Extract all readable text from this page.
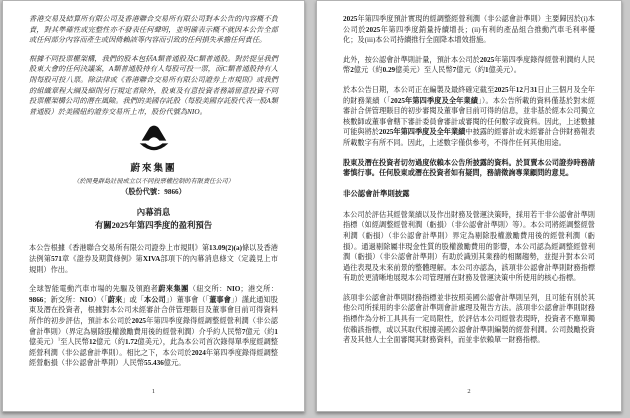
香港交易及結算所有限公司及香港聯合交易所有限公司對本公告的內容概不負責，對其準確性或完整性亦不發表任何聲明，並明確表示概不就因本公告全部或任何部分內容而產生或因倚賴該等內容而引致的任何損失承擔任何責任。

根據不同投票權架構，我們的股本包括A類普通股及C類普通股。對於提呈我們股東大會的任何決議案，A類普通股持有人每股可投一票，而C類普通股持有人則每股可投八票。除法律或《香港聯合交易所有限公司證券上市規則》或我們的組織章程大綱及細則另行規定者除外，股東及有意投資者務請留意投資不同投票權架構公司的潛在風險。我們的美國存託股（每股美國存託股代表一股A類普通股）於美國紐約證券交易所上市，股份代號為NIO。

蔚來集團

（於開曼群島註冊成立以不同投票權控制的有限責任公司）

（股份代號：9866）

內幕消息
有關2025年第四季度的盈利預告

本公告根據《香港聯合交易所有限公司證券上市規則》第13.09(2)(a)條以及香港法例第571章《證券及期貨條例》第XIVA部項下的內幕消息條文（定義見上市規則）作出。

全球智能電動汽車市場的先驅及領跑者蔚來集團（紐交所：NIO；港交所：9866；新交所：NIO）（「蔚來」或「本公司」）董事會（「董事會」）謹此通知股東及潛在投資者，根據對本公司未經審計合併管理賬目及董事會目前可得資料所作的初步評估，預計本公司於2025年第四季度錄得經調整經營利潤（非公認會計準則）（界定為剔除股權激勵費用後的經營利潤）介乎約人民幣7億元（約1億美元）$^1$至人民幣12億元（約1.72億美元），此為本公司首次錄得單季度經調整經營利潤（非公認會計準則）。相比之下，本公司於2024年第四季度錄得經調整經營虧損（非公認會計準則）人民幣55.436億元。

1

2025年第四季度預計實現的經調整經營利潤（非公認會計準則）主要歸因於(i)本公司於2025年第四季度銷量持續增長；(ii)有利的產品組合推動汽車毛利率優化；及(iii)本公司持續推行全面降本增效措施。

此外，按公認會計準則計量，預計本公司於2025年第四季度錄得經營利潤約人民幣2億元（約0.29億美元）至人民幣7億元（約1億美元）。

於本公告日期，本公司正在編製及最終確定截至2025年12月31日止三個月及全年的財務業績（「2025年第四季度及全年業績」）。本公告所載的資料僅基於對未經審計合併管理賬目的初步審閱及董事會目前可得的信息，並非基於經本公司獨立核數師或董事會轄下審計委員會審計或審閱的任何數字或資料。因此，上述數據可能與將於2025年第四季度及全年業績中披露的經審計或未經審計合併財務報表所載數字有所不同。因此，上述數字僅供參考，不得作任何其他用途。

股東及潛在投資者切勿過度依賴本公告所披露的資料。於買賣本公司證券時務請審慎行事。任何股東或潛在投資者如有疑問，務請徵詢專業顧問的意見。

非公認會計準則披露

本公司於評估其經營業績以及作出財務及營運決策時，採用若干非公認會計準則指標（如經調整經營利潤（虧損）（非公認會計準則）等）。本公司將經調整經營利潤（虧損）（非公認會計準則）界定為剔除股權激勵費用後的經營利潤（虧損）。通過剔除屬非現金性質的股權激勵費用的影響，本公司認為經調整經營利潤（虧損）（非公認會計準則）有助於識別其業務的相關趨勢，並提升對本公司過往表現及未來前景的整體理解。本公司亦認為，該項非公認會計準則財務指標有助於更清晰地展現本公司管理層在財務及營運決策中所使用的核心指標。

該項非公認會計準則財務指標並非按照美國公認會計準則呈列，且可能有別於其他公司所採用的非公認會計準則會計處理及報告方法。該項非公認會計準則財務指標作為分析工具具有一定局限性，於評估本公司經營表現時，投資者不應單獨依賴該指標，或以其取代根據美國公認會計準則編製的經營利潤。公司鼓勵投資者及其他人士全面審閱其財務資料，而並非依賴單一財務指標。

2
